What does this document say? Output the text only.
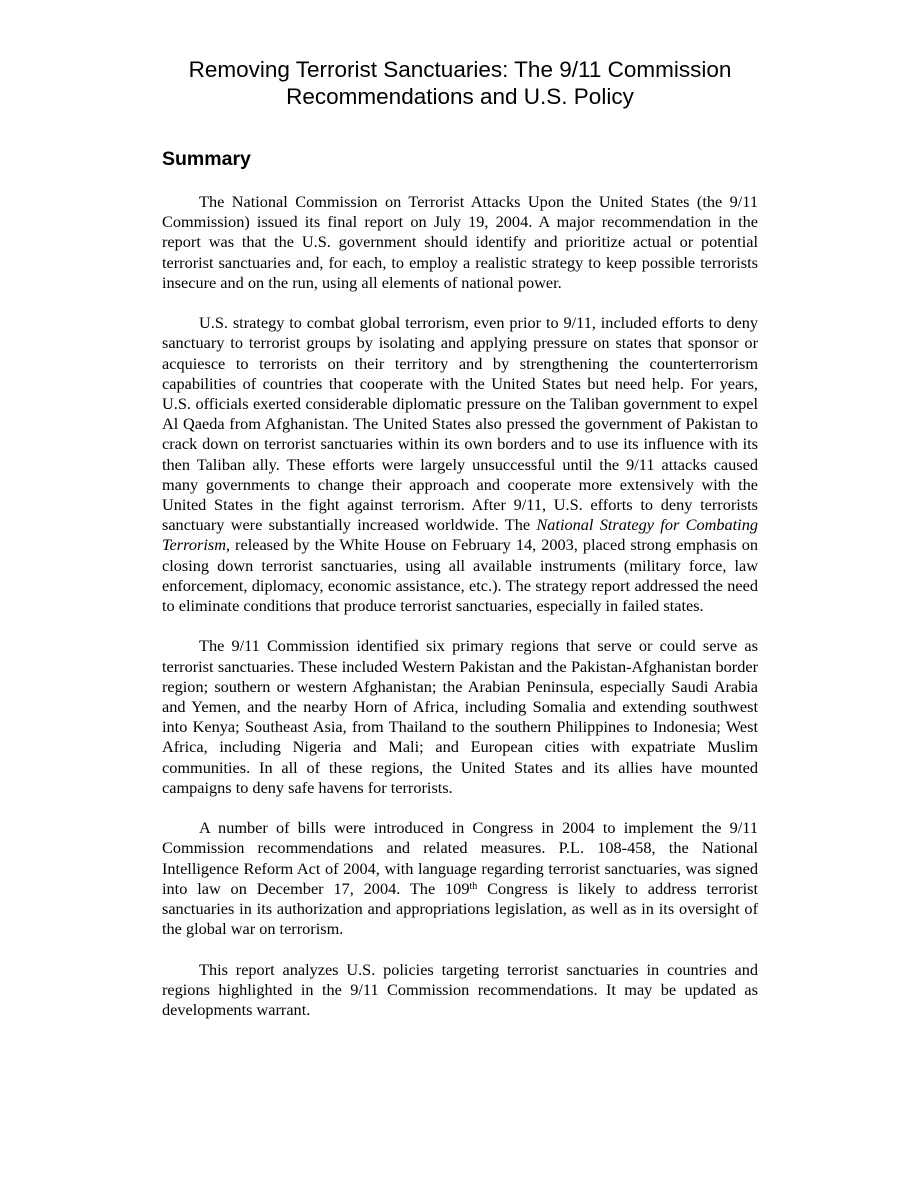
Removing Terrorist Sanctuaries: The 9/11 Commission
Recommendations and U.S. Policy
Summary

The National Commission on Terrorist Attacks Upon the United States (the 9/11 Commission) issued its final report on July 19, 2004. A major recommendation in the report was that the U.S. government should identify and prioritize actual or potential terrorist sanctuaries and, for each, to employ a realistic strategy to keep possible terrorists insecure and on the run, using all elements of national power.

U.S. strategy to combat global terrorism, even prior to 9/11, included efforts to deny sanctuary to terrorist groups by isolating and applying pressure on states that sponsor or acquiesce to terrorists on their territory and by strengthening the counterterrorism capabilities of countries that cooperate with the United States but need help. For years, U.S. officials exerted considerable diplomatic pressure on the Taliban government to expel Al Qaeda from Afghanistan. The United States also pressed the government of Pakistan to crack down on terrorist sanctuaries within its own borders and to use its influence with its then Taliban ally. These efforts were largely unsuccessful until the 9/11 attacks caused many governments to change their approach and cooperate more extensively with the United States in the fight against terrorism. After 9/11, U.S. efforts to deny terrorists sanctuary were substantially increased worldwide. The National Strategy for Combating Terrorism, released by the White House on February 14, 2003, placed strong emphasis on closing down terrorist sanctuaries, using all available instruments (military force, law enforcement, diplomacy, economic assistance, etc.). The strategy report addressed the need to eliminate conditions that produce terrorist sanctuaries, especially in failed states.

The 9/11 Commission identified six primary regions that serve or could serve as terrorist sanctuaries. These included Western Pakistan and the Pakistan-Afghanistan border region; southern or western Afghanistan; the Arabian Peninsula, especially Saudi Arabia and Yemen, and the nearby Horn of Africa, including Somalia and extending southwest into Kenya; Southeast Asia, from Thailand to the southern Philippines to Indonesia; West Africa, including Nigeria and Mali; and European cities with expatriate Muslim communities. In all of these regions, the United States and its allies have mounted campaigns to deny safe havens for terrorists.

A number of bills were introduced in Congress in 2004 to implement the 9/11 Commission recommendations and related measures. P.L. 108-458, the National Intelligence Reform Act of 2004, with language regarding terrorist sanctuaries, was signed into law on December 17, 2004. The 109th Congress is likely to address terrorist sanctuaries in its authorization and appropriations legislation, as well as in its oversight of the global war on terrorism.

This report analyzes U.S. policies targeting terrorist sanctuaries in countries and regions highlighted in the 9/11 Commission recommendations. It may be updated as developments warrant.
